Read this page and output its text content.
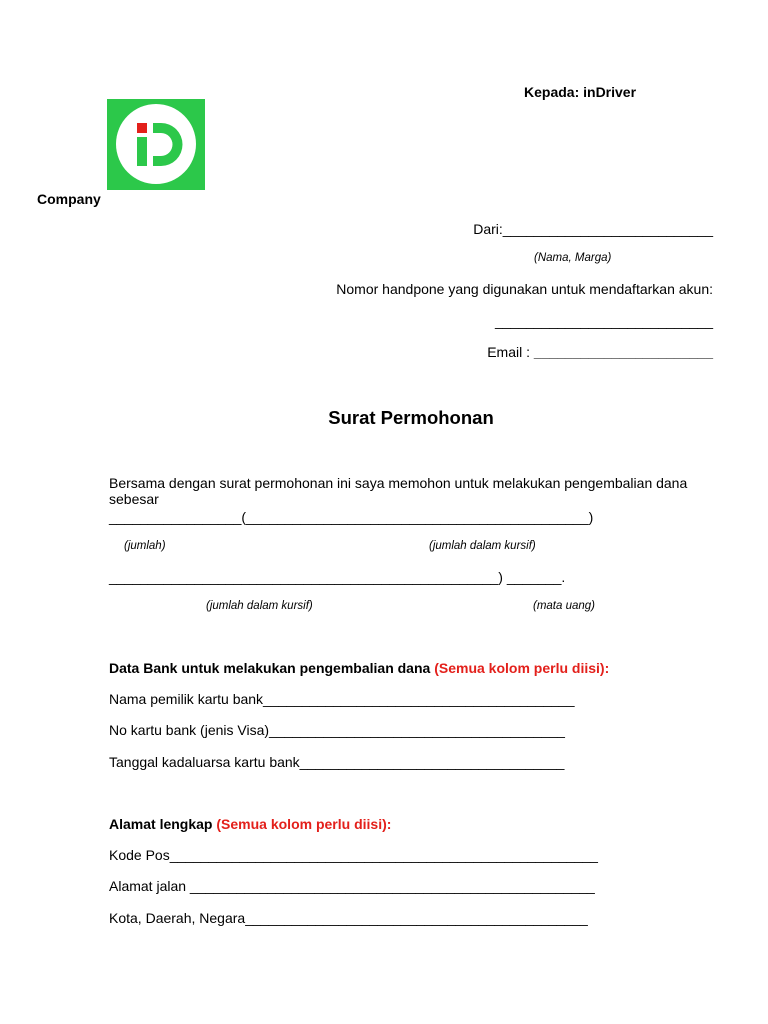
Kepada: inDriver
Company
Dari:___________________________
(Nama, Marga)
Nomor handpone yang digunakan untuk mendaftarkan akun:
____________________________
Email : _______________________
Surat Permohonan
Bersama dengan surat permohonan ini saya memohon untuk melakukan pengembalian dana sebesar
_________________(____________________________________________)
(jumlah)	(jumlah dalam kursif)
__________________________________________________) _______.
(jumlah dalam kursif)	(mata uang)
Data Bank untuk melakukan pengembalian dana (Semua kolom perlu diisi):
Nama pemilik kartu bank________________________________________
No kartu bank (jenis Visa)______________________________________
Tanggal kadaluarsa kartu bank__________________________________
Alamat lengkap (Semua kolom perlu diisi):
Kode Pos_______________________________________________________
Alamat jalan ____________________________________________________
Kota, Daerah, Negara____________________________________________
